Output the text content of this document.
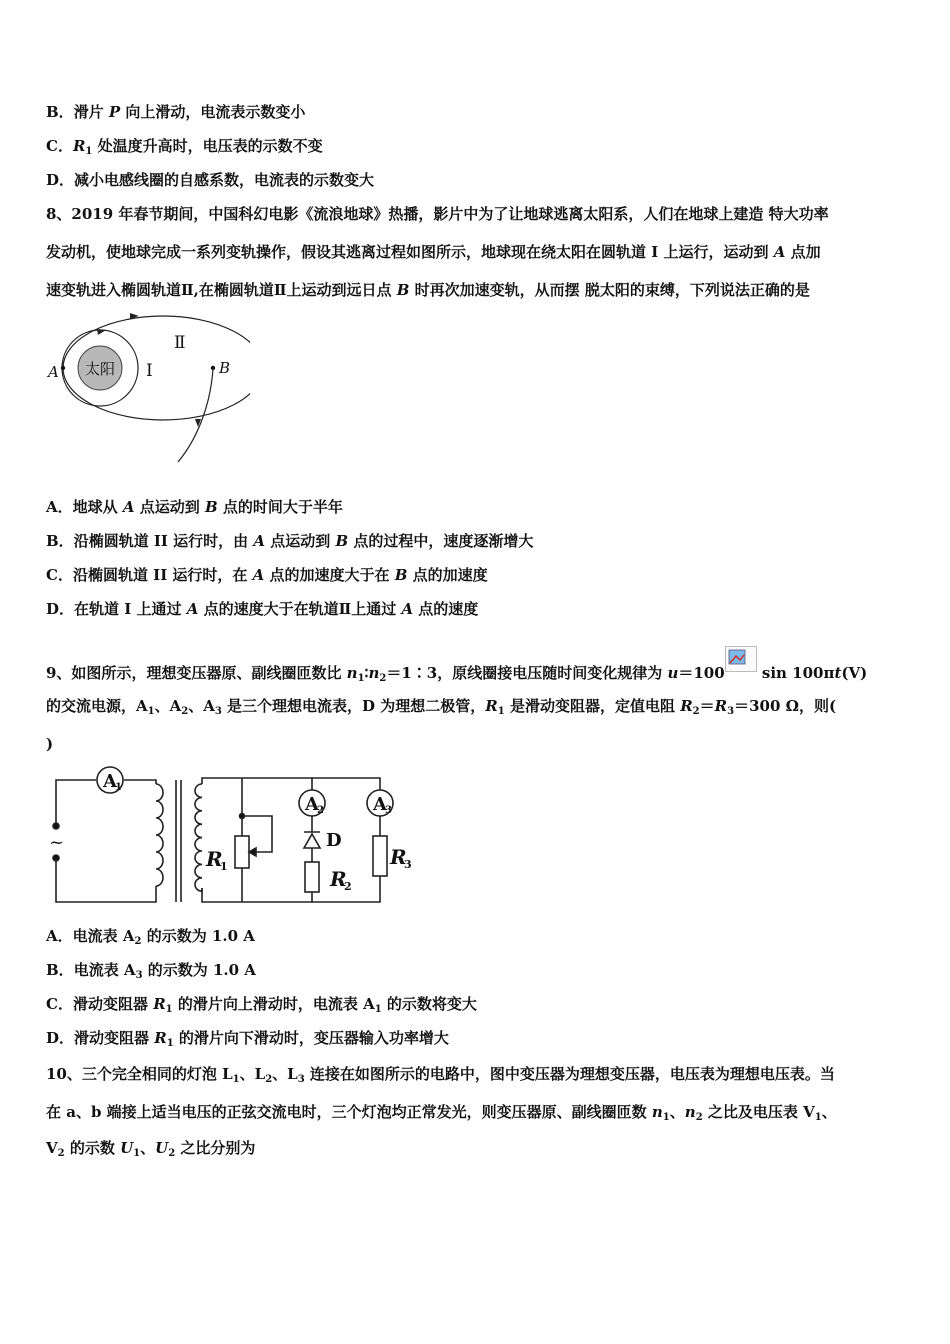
B．滑片 P 向上滑动，电流表示数变小
C．$R_1$ 处温度升高时，电压表的示数不变
D．减小电感线圈的自感系数，电流表的示数变大
8、2019 年春节期间，中国科幻电影《流浪地球》热播，影片中为了让地球逃离太阳系，人们在地球上建造 特大功率
发动机，使地球完成一系列变轨操作，假设其逃离过程如图所示，地球现在绕太阳在圆轨道 I 上运行，运动到 A 点加
速变轨进入椭圆轨道Ⅱ,在椭圆轨道Ⅱ上运动到远日点 B 时再次加速变轨，从而摆 脱太阳的束缚，下列说法正确的是
太阳 I
Ⅱ
A	B
A．地球从 A 点运动到 B 点的时间大于半年
B．沿椭圆轨道 II 运行时，由 A 点运动到 B 点的过程中，速度逐渐增大
C．沿椭圆轨道 II 运行时，在 A 点的加速度大于在 B 点的加速度
D．在轨道 I 上通过 A 点的速度大于在轨道Ⅱ上通过 A 点的速度
9、如图所示，理想变压器原、副线圈匝数比 $n_1∶n_2=1∶3$，原线圈接电压随时间变化规律为 u＝100
sin 100πt(V)
的交流电源，$A_1$、$A_2$、$A_3$ 是三个理想电流表，D 为理想二极管，$R_1$ 是滑动变阻器，定值电阻 $R_2=R_3=300$ Ω，则(
)
A
1
~
R
1
A
2
D
R
2
A
3
R
3
A．电流表 $A_2$ 的示数为 1.0 A
B．电流表 $A_3$ 的示数为 1.0 A
C．滑动变阻器 $R_1$ 的滑片向上滑动时，电流表 $A_1$ 的示数将变大
D．滑动变阻器 $R_1$ 的滑片向下滑动时，变压器输入功率增大
10、三个完全相同的灯泡 $L_1$、$L_2$、$L_3$ 连接在如图所示的电路中，图中变压器为理想变压器，电压表为理想电压表。当
在 a、b 端接上适当电压的正弦交流电时，三个灯泡均正常发光，则变压器原、副线圈匝数 $n_1$、$n_2$ 之比及电压表 $V_1$、
$V_2$ 的示数 $U_1$、$U_2$ 之比分别为
